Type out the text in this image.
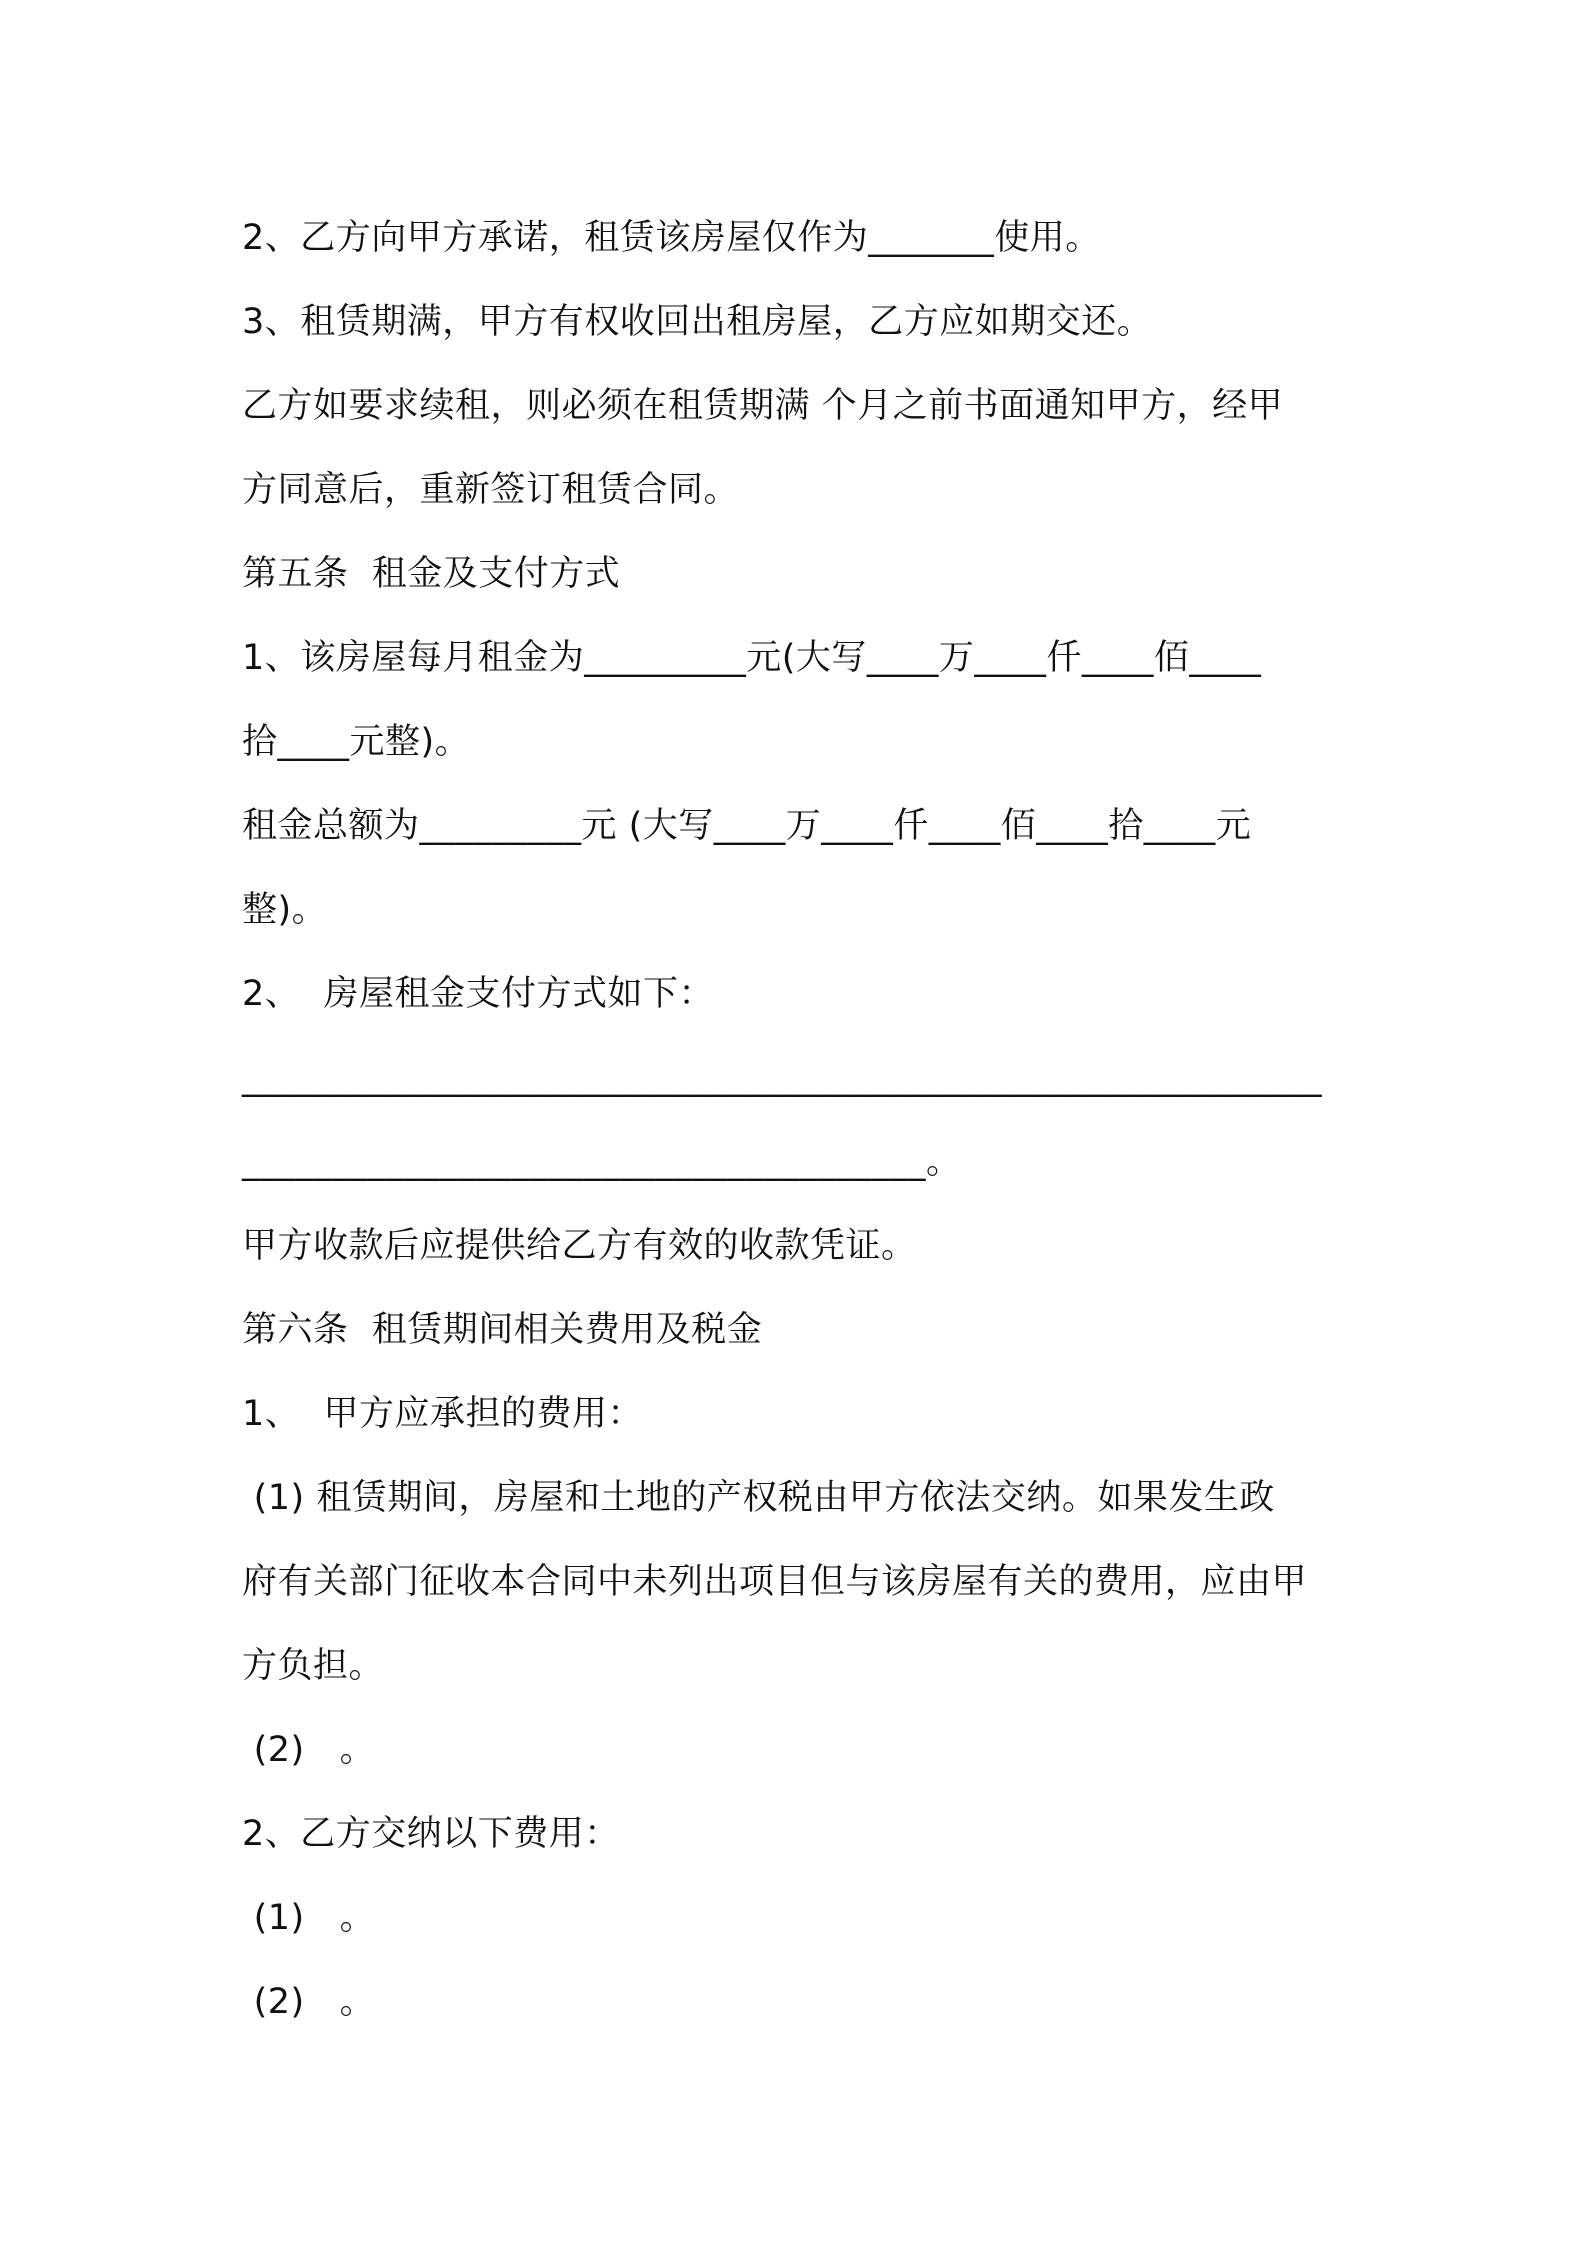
2、乙方向甲方承诺，租赁该房屋仅作为_______使用。
3、租赁期满，甲方有权收回出租房屋，乙方应如期交还。
乙方如要求续租，则必须在租赁期满 个月之前书面通知甲方，经甲
方同意后，重新签订租赁合同。
第五条  租金及支付方式
1、该房屋每月租金为_________元(大写____万____仟____佰____
拾____元整)。
租金总额为_________元 (大写____万____仟____佰____拾____元
整)。
2、  房屋租金支付方式如下：
____________________________________________________________
______________________________________。
甲方收款后应提供给乙方有效的收款凭证。
第六条  租赁期间相关费用及税金
1、  甲方应承担的费用：
(1) 租赁期间，房屋和土地的产权税由甲方依法交纳。如果发生政
府有关部门征收本合同中未列出项目但与该房屋有关的费用，应由甲
方负担。
(2)   。
2、乙方交纳以下费用：
(1)   。
(2)   。
